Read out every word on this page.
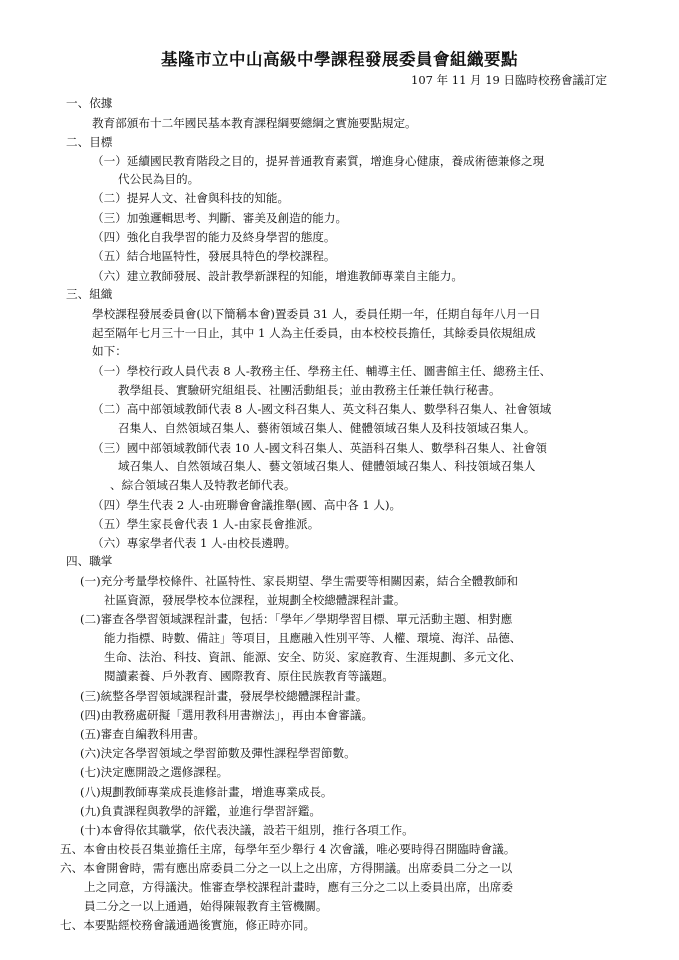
基隆市立中山高級中學課程發展委員會組織要點
107 年 11 月 19 日臨時校務會議訂定
一、依據
教育部頒布十二年國民基本教育課程綱要總綱之實施要點規定。
二、目標
（一）延續國民教育階段之目的，提昇普通教育素質，增進身心健康，養成術德兼修之現
代公民為目的。
（二）提昇人文、社會與科技的知能。
（三）加強邏輯思考、判斷、審美及創造的能力。
（四）強化自我學習的能力及終身學習的態度。
（五）結合地區特性，發展具特色的學校課程。
（六）建立教師發展、設計教學新課程的知能，增進教師專業自主能力。
三、組織
學校課程發展委員會(以下簡稱本會)置委員 31 人，委員任期一年，任期自每年八月一日
起至隔年七月三十一日止，其中 1 人為主任委員，由本校校長擔任，其餘委員依規組成
如下：
（一）學校行政人員代表 8 人-教務主任、學務主任、輔導主任、圖書館主任、總務主任、
教學組長、實驗研究組組長、社團活動組長；並由教務主任兼任執行秘書。
（二）高中部領域教師代表 8 人-國文科召集人、英文科召集人、數學科召集人、社會領域
召集人、自然領域召集人、藝術領域召集人、健體領域召集人及科技領域召集人。
（三）國中部領域教師代表 10 人-國文科召集人、英語科召集人、數學科召集人、社會領
域召集人、自然領域召集人、藝文領域召集人、健體領域召集人、科技領域召集人
、綜合領域召集人及特教老師代表。
（四）學生代表 2 人-由班聯會會議推舉(國、高中各 1 人)。
（五）學生家長會代表 1 人-由家長會推派。
（六）專家學者代表 1 人-由校長遴聘。
四、職掌
(一)充分考量學校條件、社區特性、家長期望、學生需要等相關因素，結合全體教師和
社區資源，發展學校本位課程，並規劃全校總體課程計畫。
(二)審查各學習領域課程計畫，包括：「學年／學期學習目標、單元活動主題、相對應
能力指標、時數、備註」等項目，且應融入性別平等、人權、環境、海洋、品德、
生命、法治、科技、資訊、能源、安全、防災、家庭教育、生涯規劃、多元文化、
閱讀素養、戶外教育、國際教育、原住民族教育等議題。
(三)統整各學習領域課程計畫，發展學校總體課程計畫。
(四)由教務處研擬「選用教科用書辦法」，再由本會審議。
(五)審查自編教科用書。
(六)決定各學習領域之學習節數及彈性課程學習節數。
(七)決定應開設之選修課程。
(八)規劃教師專業成長進修計畫，增進專業成長。
(九)負責課程與教學的評鑑，並進行學習評鑑。
(十)本會得依其職掌，依代表決議，設若干組別，推行各項工作。
五、本會由校長召集並擔任主席，每學年至少舉行 4 次會議，唯必要時得召開臨時會議。
六、本會開會時，需有應出席委員二分之一以上之出席，方得開議。出席委員二分之一以
上之同意，方得議決。惟審查學校課程計畫時，應有三分之二以上委員出席，出席委
員二分之一以上通過，始得陳報教育主管機關。
七、本要點經校務會議通過後實施，修正時亦同。
